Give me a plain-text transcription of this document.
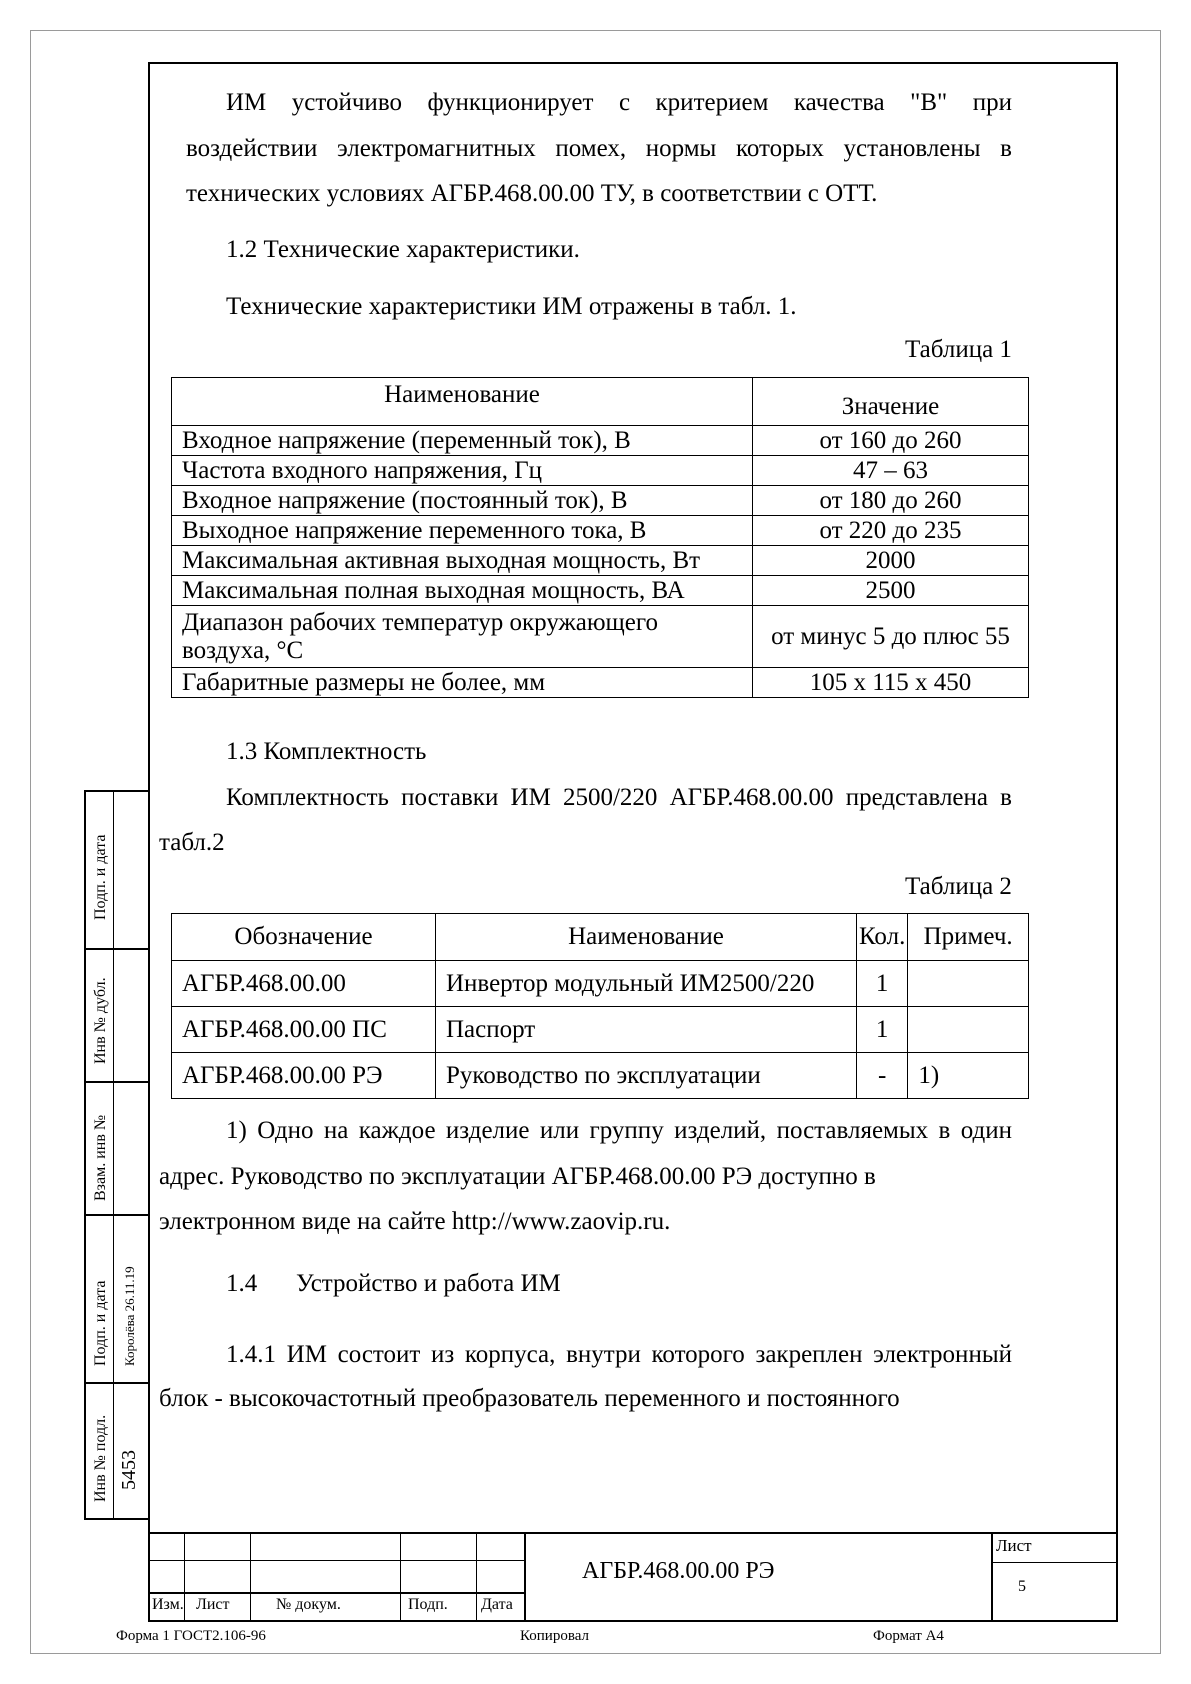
ИМ устойчиво функционирует с критерием качества "В" при
воздействии электромагнитных помех, нормы которых установлены в
технических условиях АГБР.468.00.00 ТУ, в соответствии с ОТТ.
1.2 Технические характеристики.
Технические характеристики ИМ отражены в табл. 1.
Таблица 1
Наименование	Значение
Входное напряжение (переменный ток), В	от 160 до 260
Частота входного напряжения, Гц	47 – 63
Входное напряжение (постоянный ток), В	от 180 до 260
Выходное напряжение переменного тока, В	от 220 до 235
Максимальная активная выходная мощность, Вт	2000
Максимальная полная выходная мощность, ВА	2500
Диапазон рабочих температур окружающего воздуха, °С	от минус 5 до плюс 55
Габаритные размеры не более, мм	105 х 115 х 450
1.3 Комплектность
Комплектность поставки ИМ 2500/220 АГБР.468.00.00 представлена в
табл.2
Таблица 2
Обозначение	Наименование	Кол.	Примеч.
АГБР.468.00.00	Инвертор модульный ИМ2500/220	1	
АГБР.468.00.00 ПС	Паспорт	1	
АГБР.468.00.00 РЭ	Руководство по эксплуатации	-	1)
1) Одно на каждое изделие или группу изделий, поставляемых в один
адрес. Руководство по эксплуатации АГБР.468.00.00 РЭ доступно в
электронном виде на сайте http://www.zaovip.ru.
1.4 Устройство и работа ИМ
1.4.1 ИМ состоит из корпуса, внутри которого закреплен электронный
блок - высокочастотный преобразователь переменного и постоянного
Подп. и дата
Инв № дубл.
Взам. инв №
Подп. и дата Королёва 26.11.19
Инв № подл. 5453
Изм. Лист	№ докум.	Подп. Дата
АГБР.468.00.00 РЭ
Лист
5
Форма 1 ГОСТ2.106-96	Копировал	Формат А4
